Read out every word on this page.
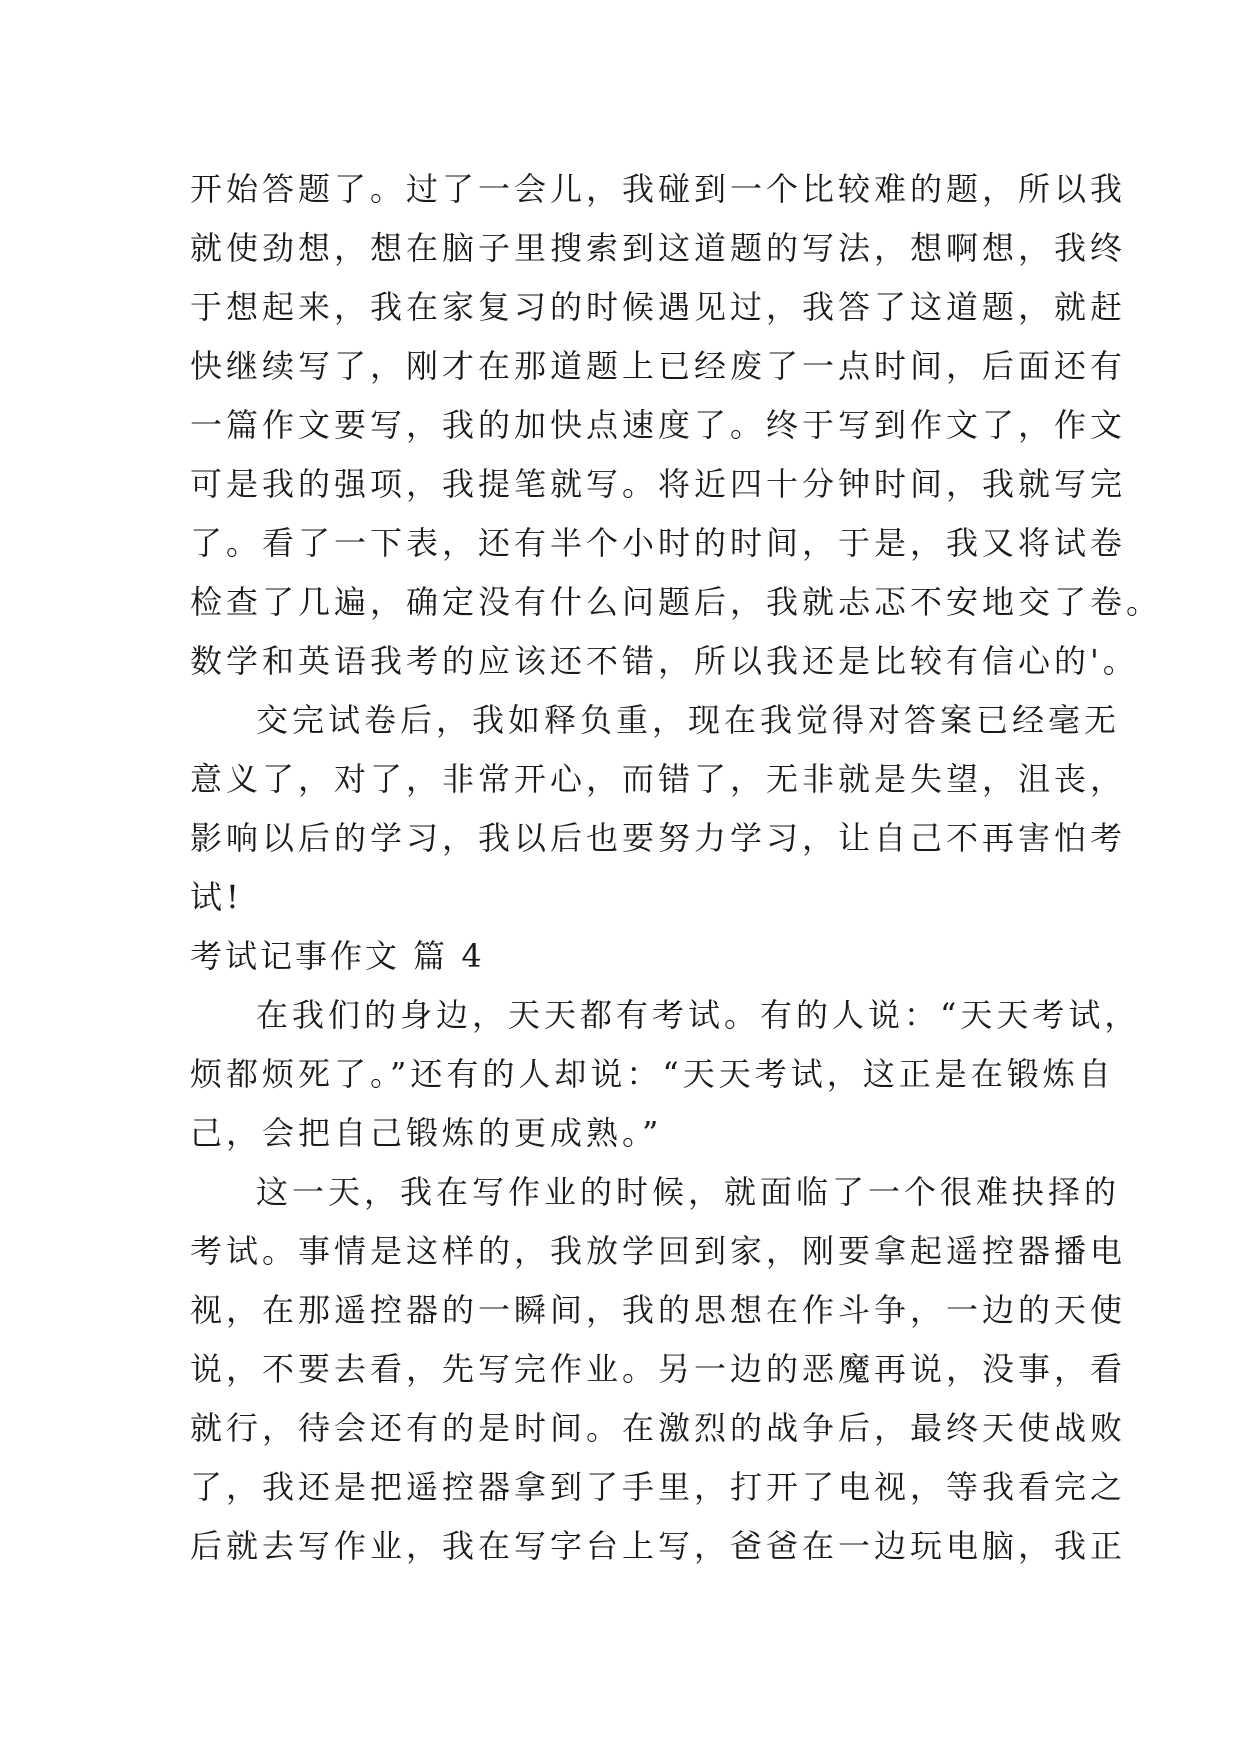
开始答题了。过了一会儿，我碰到一个比较难的题，所以我
就使劲想，想在脑子里搜索到这道题的写法，想啊想，我终
于想起来，我在家复习的时候遇见过，我答了这道题，就赶
快继续写了，刚才在那道题上已经废了一点时间，后面还有
一篇作文要写，我的加快点速度了。终于写到作文了，作文
可是我的强项，我提笔就写。将近四十分钟时间，我就写完
了。看了一下表，还有半个小时的时间，于是，我又将试卷
检查了几遍，确定没有什么问题后，我就忐忑不安地交了卷。
数学和英语我考的应该还不错，所以我还是比较有信心的'。
交完试卷后，我如释负重，现在我觉得对答案已经毫无
意义了，对了，非常开心，而错了，无非就是失望，沮丧，
影响以后的学习，我以后也要努力学习，让自己不再害怕考
试!
考试记事作文 篇 4
在我们的身边，天天都有考试。有的人说：“天天考试，
烦都烦死了。”还有的人却说：“天天考试，这正是在锻炼自
己，会把自己锻炼的更成熟。”
这一天，我在写作业的时候，就面临了一个很难抉择的
考试。事情是这样的，我放学回到家，刚要拿起遥控器播电
视，在那遥控器的一瞬间，我的思想在作斗争，一边的天使
说，不要去看，先写完作业。另一边的恶魔再说，没事，看
就行，待会还有的是时间。在激烈的战争后，最终天使战败
了，我还是把遥控器拿到了手里，打开了电视，等我看完之
后就去写作业，我在写字台上写，爸爸在一边玩电脑，我正
